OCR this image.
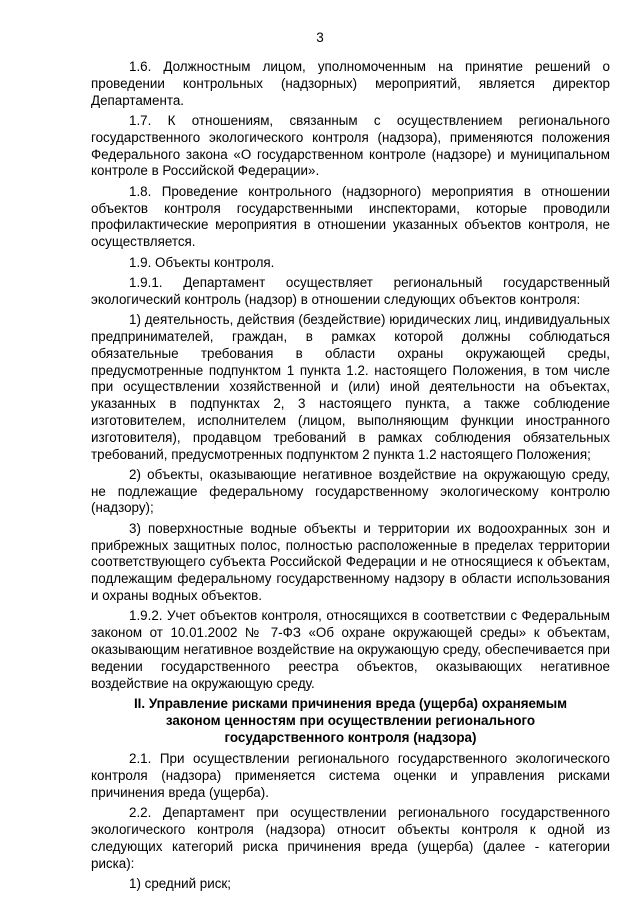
3

1.6. Должностным лицом, уполномоченным на принятие решений о проведении контрольных (надзорных) мероприятий, является директор Департамента.

1.7. К отношениям, связанным с осуществлением регионального государственного экологического контроля (надзора), применяются положения Федерального закона «О государственном контроле (надзоре) и муниципальном контроле в Российской Федерации».

1.8. Проведение контрольного (надзорного) мероприятия в отношении объектов контроля государственными инспекторами, которые проводили профилактические мероприятия в отношении указанных объектов контроля, не осуществляется.

1.9. Объекты контроля.

1.9.1. Департамент осуществляет региональный государственный экологический контроль (надзор) в отношении следующих объектов контроля:

1) деятельность, действия (бездействие) юридических лиц, индивидуальных предпринимателей, граждан, в рамках которой должны соблюдаться обязательные требования в области охраны окружающей среды, предусмотренные подпунктом 1 пункта 1.2. настоящего Положения, в том числе при осуществлении хозяйственной и (или) иной деятельности на объектах, указанных в подпунктах 2, 3 настоящего пункта, а также соблюдение изготовителем, исполнителем (лицом, выполняющим функции иностранного изготовителя), продавцом требований в рамках соблюдения обязательных требований, предусмотренных подпунктом 2 пункта 1.2 настоящего Положения;

2) объекты, оказывающие негативное воздействие на окружающую среду, не подлежащие федеральному государственному экологическому контролю (надзору);

3) поверхностные водные объекты и территории их водоохранных зон и прибрежных защитных полос, полностью расположенные в пределах территории соответствующего субъекта Российской Федерации и не относящиеся к объектам, подлежащим федеральному государственному надзору в области использования и охраны водных объектов.

1.9.2. Учет объектов контроля, относящихся в соответствии с Федеральным законом от 10.01.2002 № 7-ФЗ «Об охране окружающей среды» к объектам, оказывающим негативное воздействие на окружающую среду, обеспечивается при ведении государственного реестра объектов, оказывающих негативное воздействие на окружающую среду.

II. Управление рисками причинения вреда (ущерба) охраняемым законом ценностям при осуществлении регионального государственного контроля (надзора)

2.1. При осуществлении регионального государственного экологического контроля (надзора) применяется система оценки и управления рисками причинения вреда (ущерба).

2.2. Департамент при осуществлении регионального государственного экологического контроля (надзора) относит объекты контроля к одной из следующих категорий риска причинения вреда (ущерба) (далее - категории риска):

1) средний риск;
